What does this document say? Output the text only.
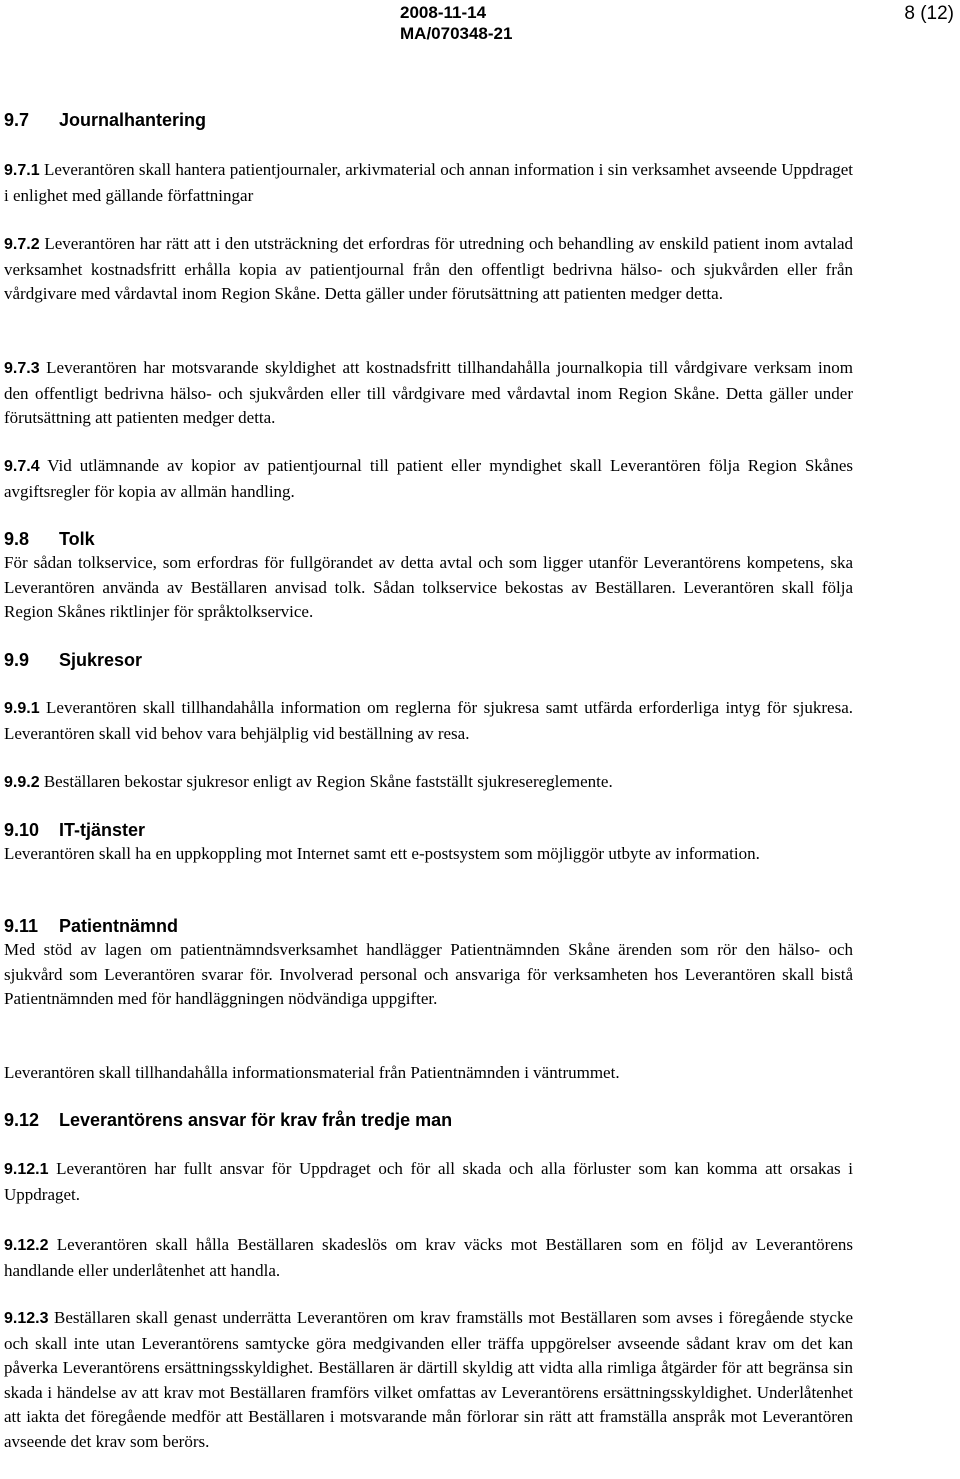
2008-11-14
MA/070348-21
8 (12)
9.7 Journalhantering

9.7.1 Leverantören skall hantera patientjournaler, arkivmaterial och annan information i sin verksamhet avseende Uppdraget i enlighet med gällande författningar

9.7.2 Leverantören har rätt att i den utsträckning det erfordras för utredning och behandling av enskild patient inom avtalad verksamhet kostnadsfritt erhålla kopia av patientjournal från den offentligt bedrivna hälso- och sjukvården eller från vårdgivare med vårdavtal inom Region Skåne. Detta gäller under förutsättning att patienten medger detta.

9.7.3 Leverantören har motsvarande skyldighet att kostnadsfritt tillhandahålla journalkopia till vårdgivare verksam inom den offentligt bedrivna hälso- och sjukvården eller till vårdgivare med vårdavtal inom Region Skåne. Detta gäller under förutsättning att patienten medger detta.

9.7.4 Vid utlämnande av kopior av patientjournal till patient eller myndighet skall Leverantören följa Region Skånes avgiftsregler för kopia av allmän handling.

9.8 Tolk

För sådan tolkservice, som erfordras för fullgörandet av detta avtal och som ligger utanför Leverantörens kompetens, ska Leverantören använda av Beställaren anvisad tolk. Sådan tolkservice bekostas av Beställaren. Leverantören skall följa Region Skånes riktlinjer för språktolkservice.

9.9 Sjukresor

9.9.1 Leverantören skall tillhandahålla information om reglerna för sjukresa samt utfärda erforderliga intyg för sjukresa. Leverantören skall vid behov vara behjälplig vid beställning av resa.

9.9.2 Beställaren bekostar sjukresor enligt av Region Skåne fastställt sjukresereglemente.

9.10 IT-tjänster

Leverantören skall ha en uppkoppling mot Internet samt ett e-postsystem som möjliggör utbyte av information.

9.11 Patientnämnd

Med stöd av lagen om patientnämndsverksamhet handlägger Patientnämnden Skåne ärenden som rör den hälso- och sjukvård som Leverantören svarar för. Involverad personal och ansvariga för verksamheten hos Leverantören skall bistå Patientnämnden med för handläggningen nödvändiga uppgifter.

Leverantören skall tillhandahålla informationsmaterial från Patientnämnden i väntrummet.

9.12 Leverantörens ansvar för krav från tredje man

9.12.1 Leverantören har fullt ansvar för Uppdraget och för all skada och alla förluster som kan komma att orsakas i Uppdraget.

9.12.2 Leverantören skall hålla Beställaren skadeslös om krav väcks mot Beställaren som en följd av Leverantörens handlande eller underlåtenhet att handla.

9.12.3 Beställaren skall genast underrätta Leverantören om krav framställs mot Beställaren som avses i föregående stycke och skall inte utan Leverantörens samtycke göra medgivanden eller träffa uppgörelser avseende sådant krav om det kan påverka Leverantörens ersättningsskyldighet. Beställaren är därtill skyldig att vidta alla rimliga åtgärder för att begränsa sin skada i händelse av att krav mot Beställaren framförs vilket omfattas av Leverantörens ersättningsskyldighet. Underlåtenhet att iakta det föregående medför att Beställaren i motsvarande mån förlorar sin rätt att framställa anspråk mot Leverantören avseende det krav som berörs.
